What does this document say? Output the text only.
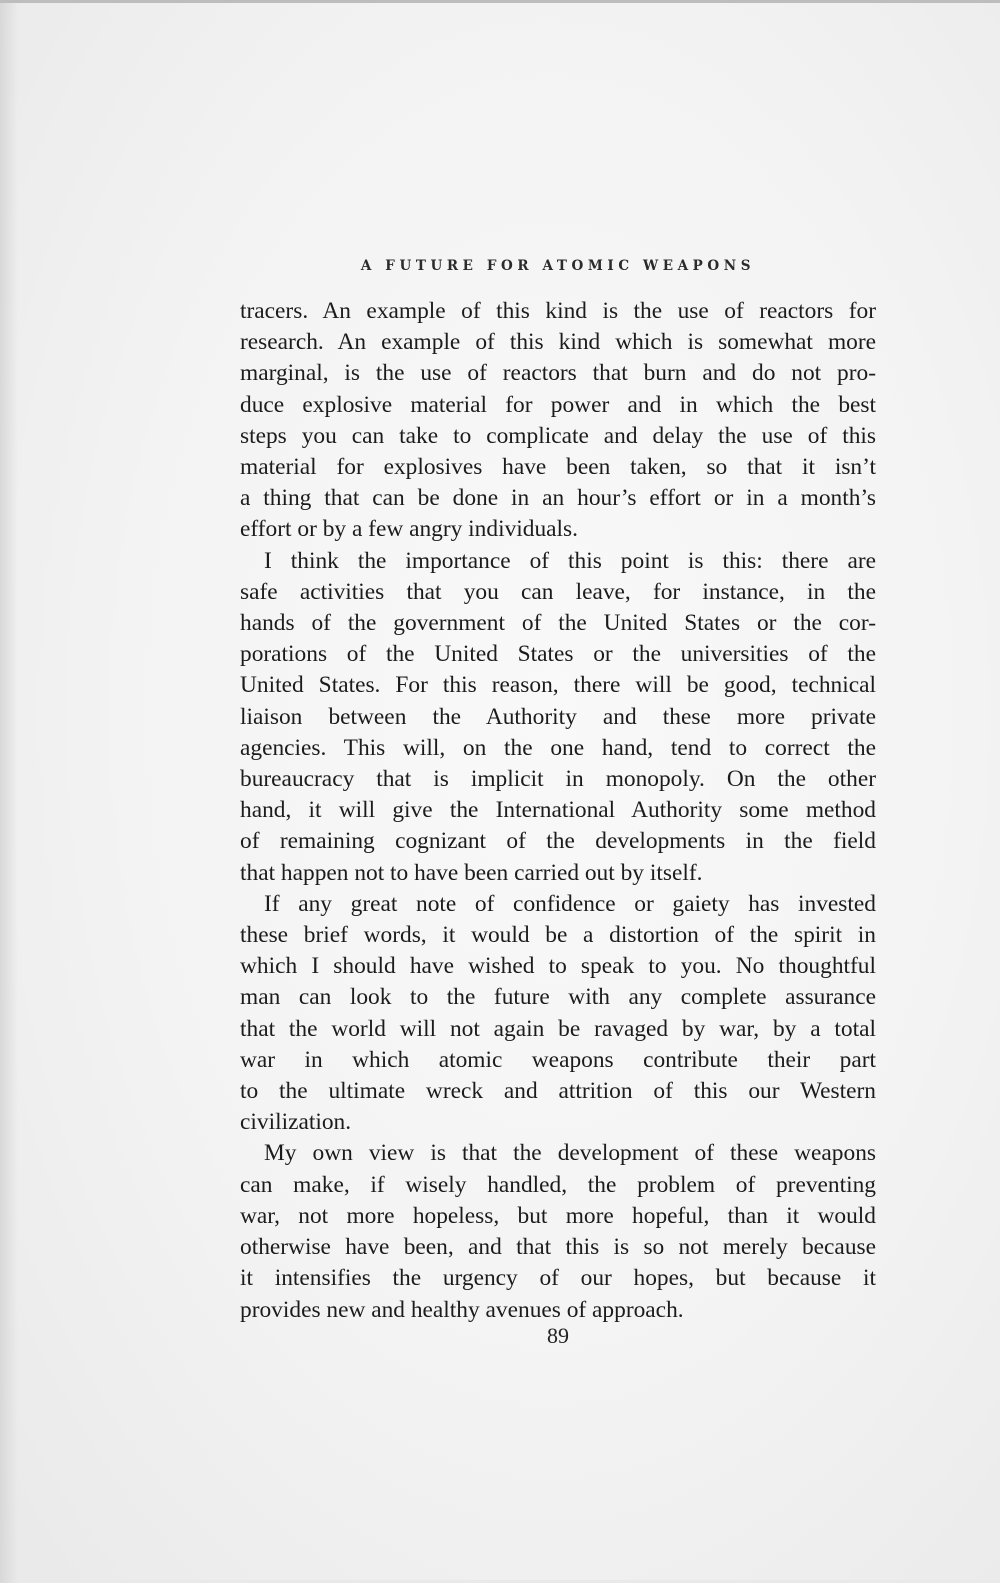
A FUTURE FOR ATOMIC WEAPONS

tracers. An example of this kind is the use of reactors for
research. An example of this kind which is somewhat more
marginal, is the use of reactors that burn and do not pro-
duce explosive material for power and in which the best
steps you can take to complicate and delay the use of this
material for explosives have been taken, so that it isn’t
a thing that can be done in an hour’s effort or in a month’s
effort or by a few angry individuals.

I think the importance of this point is this: there are
safe activities that you can leave, for instance, in the
hands of the government of the United States or the cor-
porations of the United States or the universities of the
United States. For this reason, there will be good, technical
liaison between the Authority and these more private
agencies. This will, on the one hand, tend to correct the
bureaucracy that is implicit in monopoly. On the other
hand, it will give the International Authority some method
of remaining cognizant of the developments in the field
that happen not to have been carried out by itself.

If any great note of confidence or gaiety has invested
these brief words, it would be a distortion of the spirit in
which I should have wished to speak to you. No thoughtful
man can look to the future with any complete assurance
that the world will not again be ravaged by war, by a total
war in which atomic weapons contribute their part
to the ultimate wreck and attrition of this our Western
civilization.

My own view is that the development of these weapons
can make, if wisely handled, the problem of preventing
war, not more hopeless, but more hopeful, than it would
otherwise have been, and that this is so not merely because
it intensifies the urgency of our hopes, but because it
provides new and healthy avenues of approach.

89
